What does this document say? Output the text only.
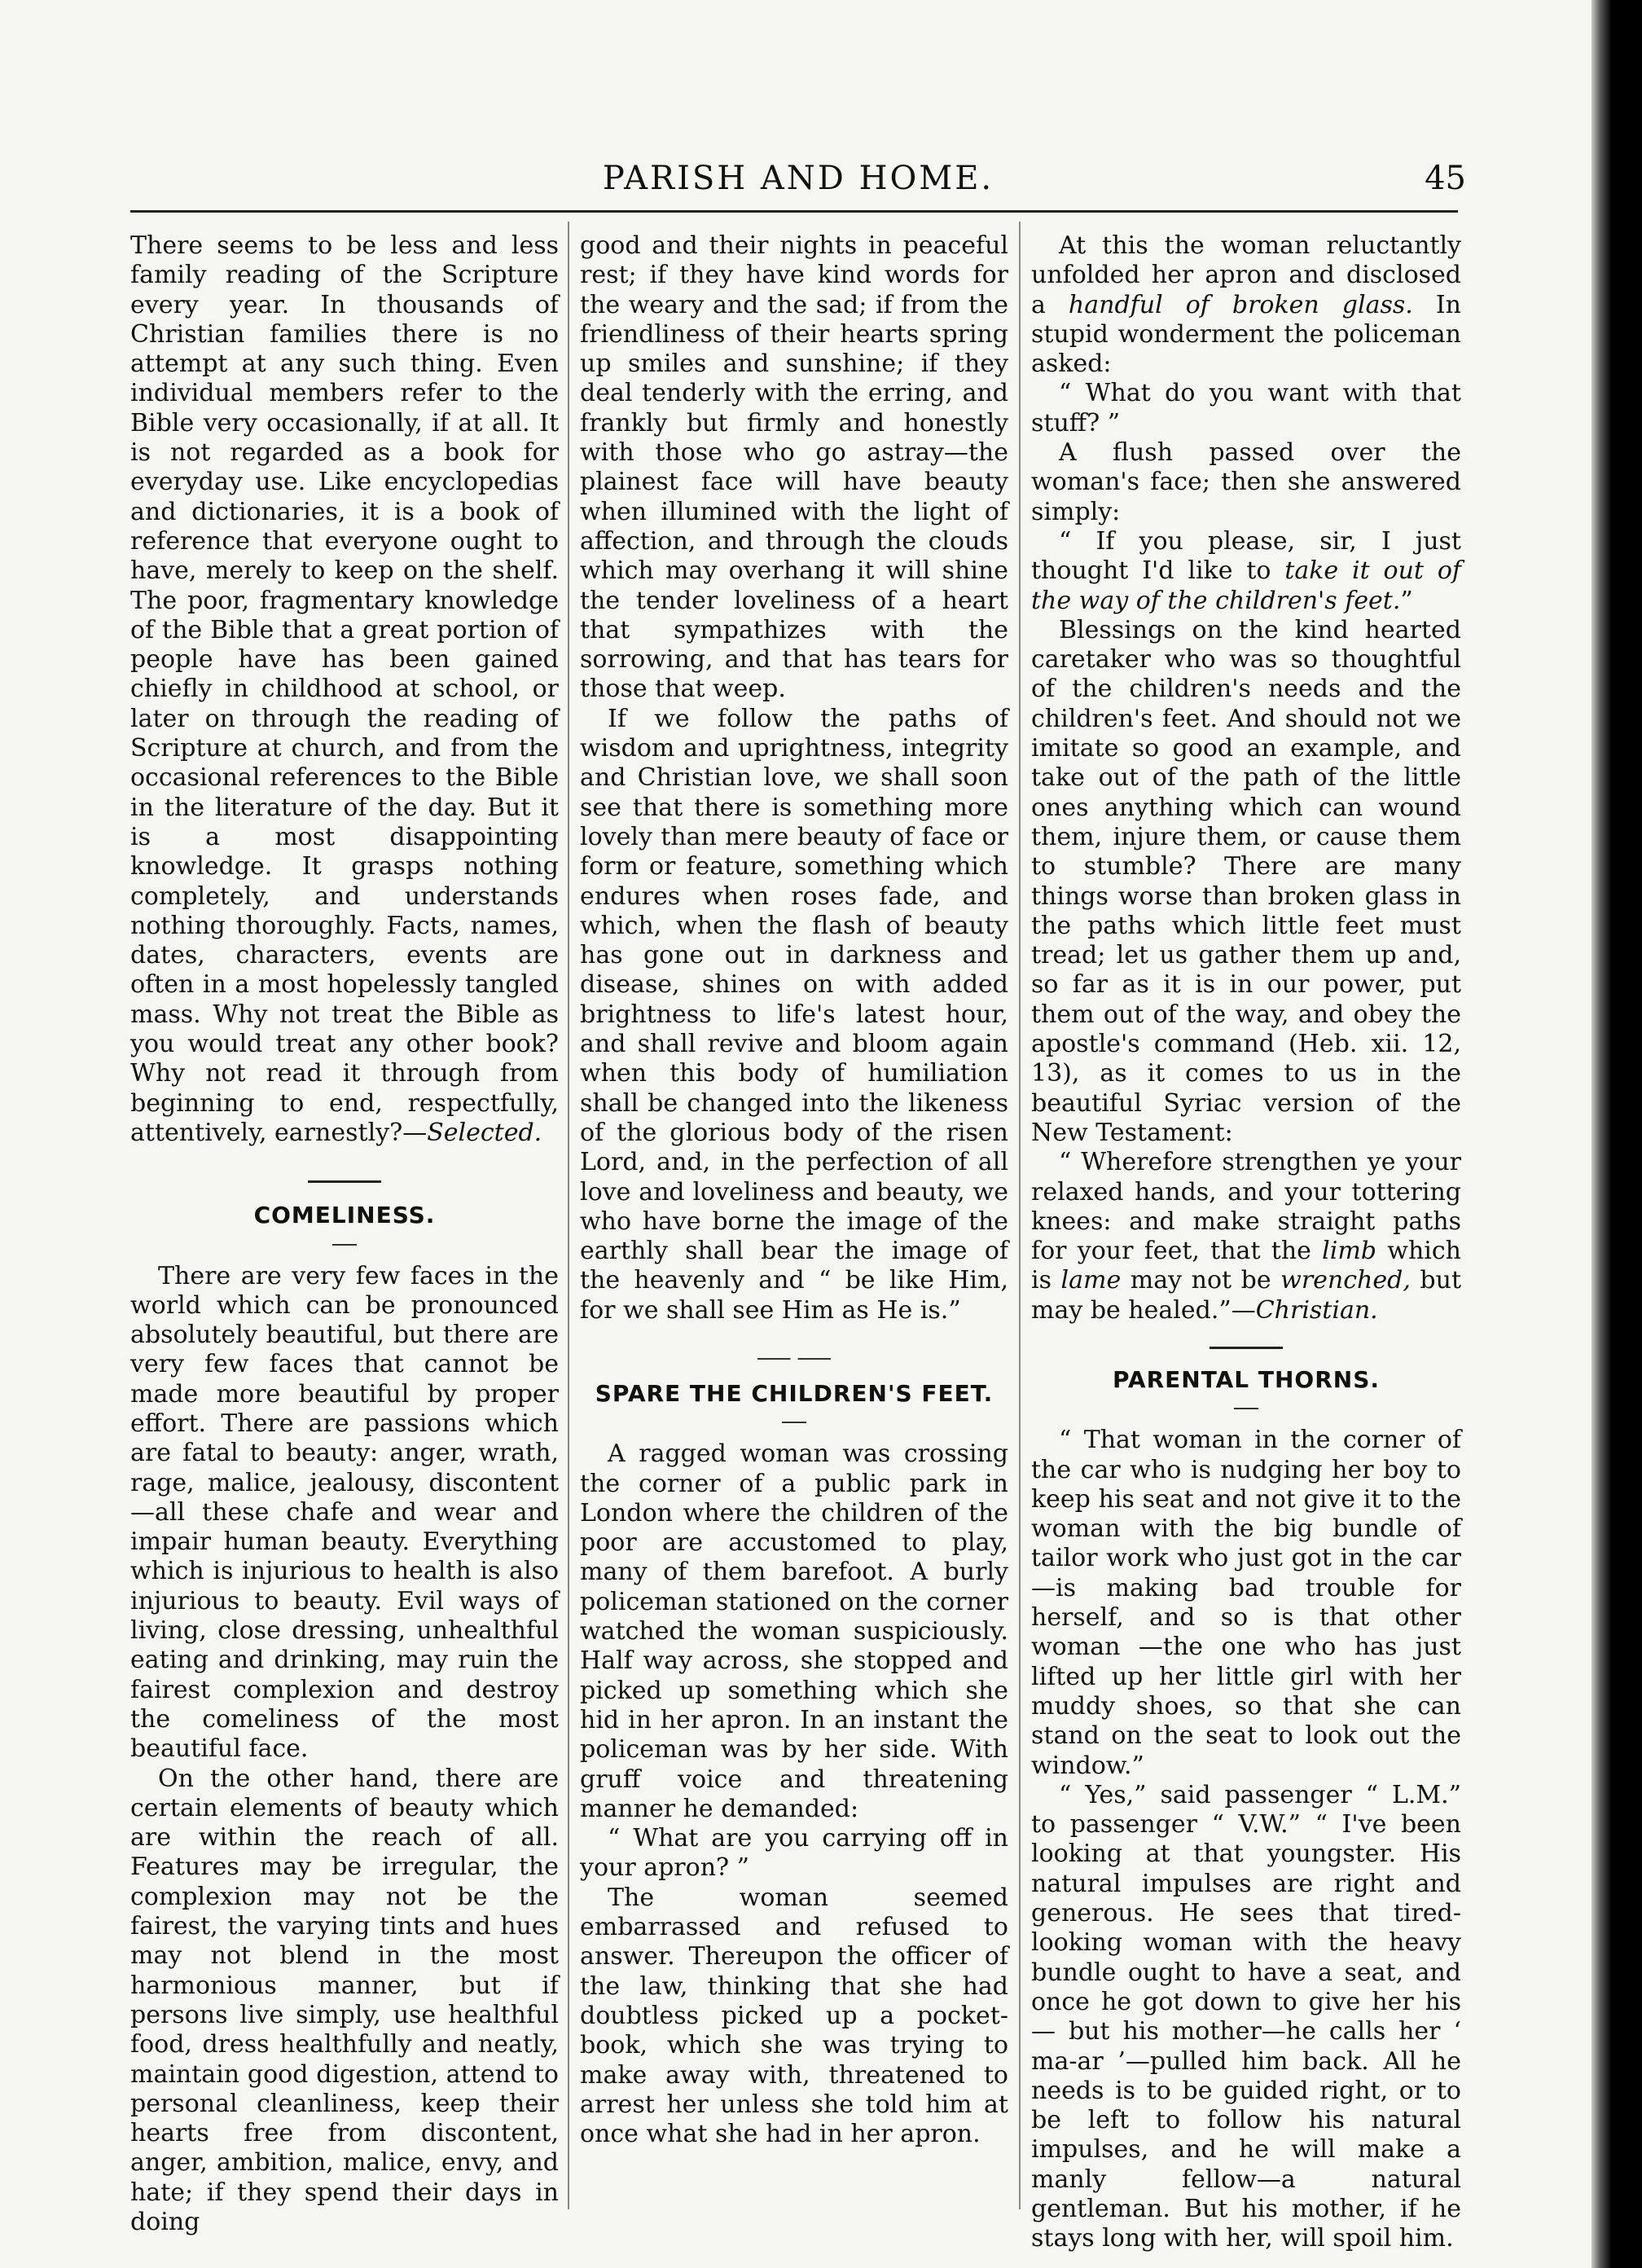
PARISH AND HOME.	45

There seems to be less and less family reading of the Scripture every year. In thousands of Christian families there is no attempt at any such thing. Even individual members refer to the Bible very occasionally, if at all. It is not regarded as a book for everyday use. Like encyclopedias and dictionaries, it is a book of reference that everyone ought to have, merely to keep on the shelf. The poor, fragmentary knowledge of the Bible that a great portion of people have has been gained chiefly in childhood at school, or later on through the reading of Scripture at church, and from the occasional references to the Bible in the literature of the day. But it is a most disappointing knowledge. It grasps nothing completely, and understands nothing thoroughly. Facts, names, dates, characters, events are often in a most hopelessly tangled mass. Why not treat the Bible as you would treat any other book? Why not read it through from beginning to end, respectfully, attentively, earnestly?—Selected.

COMELINESS.

There are very few faces in the world which can be pronounced absolutely beautiful, but there are very few faces that cannot be made more beautiful by proper effort. There are passions which are fatal to beauty: anger, wrath, rage, malice, jealousy, discontent—all these chafe and wear and impair human beauty. Everything which is injurious to health is also injurious to beauty. Evil ways of living, close dressing, unhealthful eating and drinking, may ruin the fairest complexion and destroy the comeliness of the most beautiful face.

On the other hand, there are certain elements of beauty which are within the reach of all. Features may be irregular, the complexion may not be the fairest, the varying tints and hues may not blend in the most harmonious manner, but if persons live simply, use healthful food, dress healthfully and neatly, maintain good digestion, attend to personal cleanliness, keep their hearts free from discontent, anger, ambition, malice, envy, and hate; if they spend their days in doing

good and their nights in peaceful rest; if they have kind words for the weary and the sad; if from the friendliness of their hearts spring up smiles and sunshine; if they deal tenderly with the erring, and frankly but firmly and honestly with those who go astray—the plainest face will have beauty when illumined with the light of affection, and through the clouds which may overhang it will shine the tender loveliness of a heart that sympathizes with the sorrowing, and that has tears for those that weep.

If we follow the paths of wisdom and uprightness, integrity and Christian love, we shall soon see that there is something more lovely than mere beauty of face or form or feature, something which endures when roses fade, and which, when the flash of beauty has gone out in darkness and disease, shines on with added brightness to life's latest hour, and shall revive and bloom again when this body of humiliation shall be changed into the likeness of the glorious body of the risen Lord, and, in the perfection of all love and loveliness and beauty, we who have borne the image of the earthly shall bear the image of the heavenly and “ be like Him, for we shall see Him as He is.”

SPARE THE CHILDREN'S FEET.

A ragged woman was crossing the corner of a public park in London where the children of the poor are accustomed to play, many of them barefoot. A burly policeman stationed on the corner watched the woman suspiciously. Half way across, she stopped and picked up something which she hid in her apron. In an instant the policeman was by her side. With gruff voice and threatening manner he demanded:

“ What are you carrying off in your apron? ”

The woman seemed embarrassed and refused to answer. Thereupon the officer of the law, thinking that she had doubtless picked up a pocket-book, which she was trying to make away with, threatened to arrest her unless she told him at once what she had in her apron.

At this the woman reluctantly unfolded her apron and disclosed a handful of broken glass. In stupid wonderment the policeman asked:

“ What do you want with that stuff? ”

A flush passed over the woman's face; then she answered simply:

“ If you please, sir, I just thought I'd like to take it out of the way of the children's feet.”

Blessings on the kind hearted caretaker who was so thoughtful of the children's needs and the children's feet. And should not we imitate so good an example, and take out of the path of the little ones anything which can wound them, injure them, or cause them to stumble? There are many things worse than broken glass in the paths which little feet must tread; let us gather them up and, so far as it is in our power, put them out of the way, and obey the apostle's command (Heb. xii. 12, 13), as it comes to us in the beautiful Syriac version of the New Testament:

“ Wherefore strengthen ye your relaxed hands, and your tottering knees: and make straight paths for your feet, that the limb which is lame may not be wrenched, but may be healed.”—Christian.

PARENTAL THORNS.

“ That woman in the corner of the car who is nudging her boy to keep his seat and not give it to the woman with the big bundle of tailor work who just got in the car—is making bad trouble for herself, and so is that other woman —the one who has just lifted up her little girl with her muddy shoes, so that she can stand on the seat to look out the window.”

“ Yes,” said passenger “ L.M.” to passenger “ V.W.” “ I've been looking at that youngster. His natural impulses are right and generous. He sees that tired-looking woman with the heavy bundle ought to have a seat, and once he got down to give her his — but his mother—he calls her ‘ ma-ar ’—pulled him back. All he needs is to be guided right, or to be left to follow his natural impulses, and he will make a manly fellow—a natural gentleman. But his mother, if he stays long with her, will spoil him.
